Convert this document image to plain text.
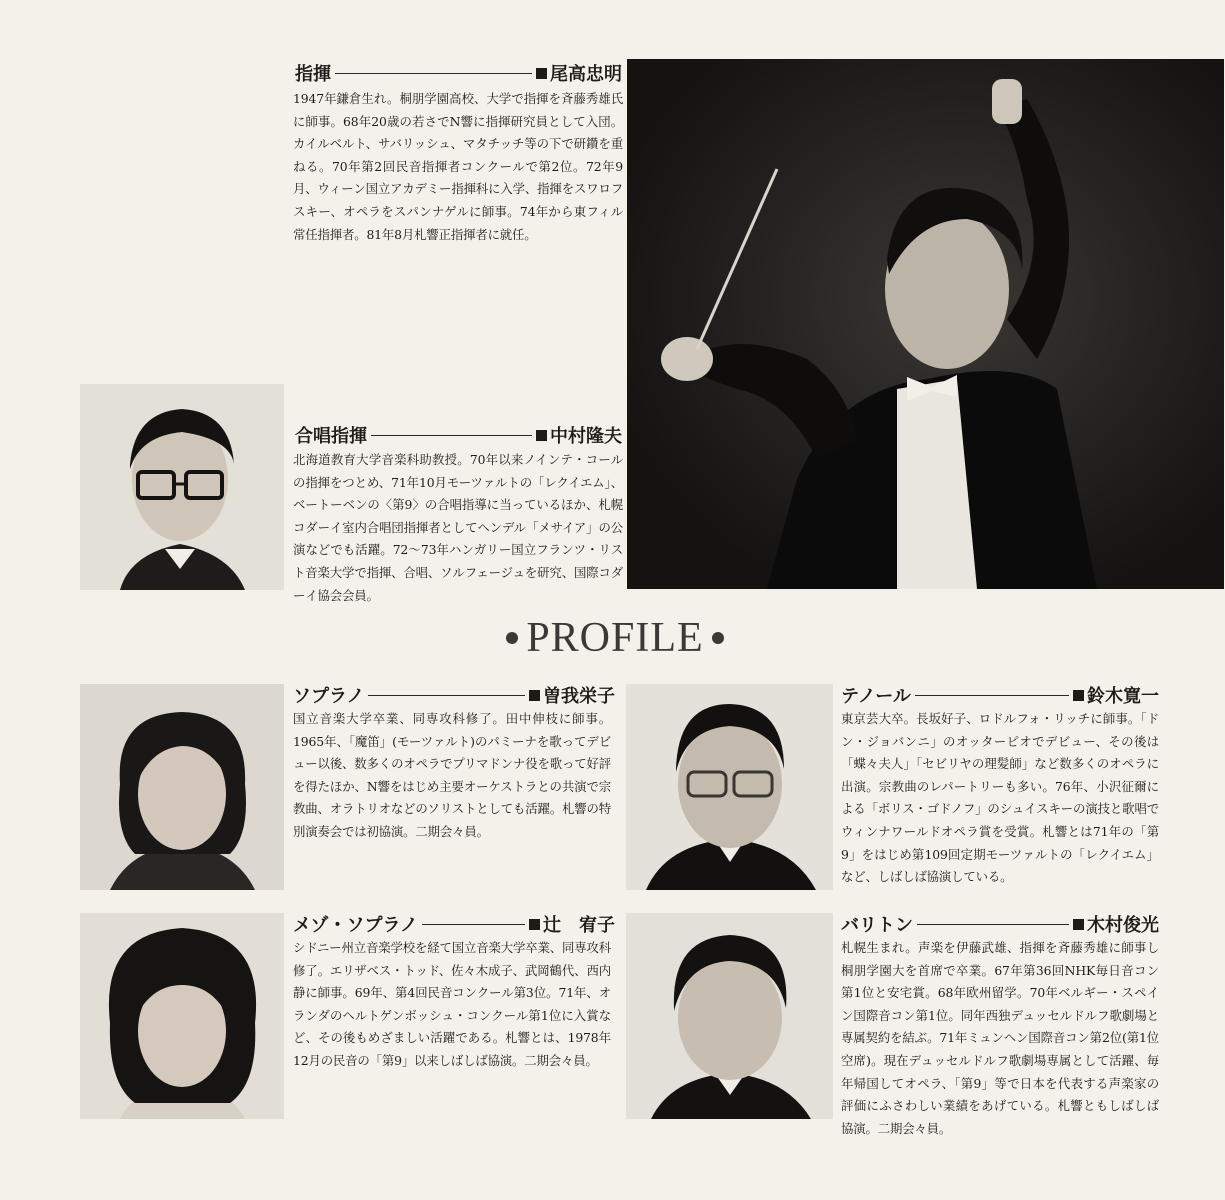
指揮	尾高忠明

1947年鎌倉生れ。桐朋学園高校、大学で指揮を斉藤秀雄氏に師事。68年20歳の若さでN響に指揮研究員として入団。カイルベルト、サバリッシュ、マタチッチ等の下で研鑽を重ねる。70年第2回民音指揮者コンクールで第2位。72年9月、ウィーン国立アカデミー指揮科に入学、指揮をスワロフスキー、オペラをスパンナゲルに師事。74年から東フィル常任指揮者。81年8月札響正指揮者に就任。

合唱指揮	中村隆夫

北海道教育大学音楽科助教授。70年以来ノインテ・コールの指揮をつとめ、71年10月モーツァルトの「レクイエム」、ベートーベンの〈第9〉の合唱指導に当っているほか、札幌コダーイ室内合唱団指揮者としてヘンデル「メサイア」の公演などでも活躍。72〜73年ハンガリー国立フランツ・リスト音楽大学で指揮、合唱、ソルフェージュを研究、国際コダーイ協会会員。

PROFILE
ソプラノ	曽我栄子

国立音楽大学卒業、同専攻科修了。田中伸枝に師事。1965年、「魔笛」(モーツァルト)のパミーナを歌ってデビュー以後、数多くのオペラでプリマドンナ役を歌って好評を得たほか、N響をはじめ主要オーケストラとの共演で宗教曲、オラトリオなどのソリストとしても活躍。札響の特別演奏会では初協演。二期会々員。

テノール	鈴木寛一

東京芸大卒。長坂好子、ロドルフォ・リッチに師事。「ドン・ジョバンニ」のオッターピオでデビュー、その後は「蝶々夫人」「セビリヤの理髪師」など数多くのオペラに出演。宗教曲のレパートリーも多い。76年、小沢征爾による「ボリス・ゴドノフ」のシュイスキーの演技と歌唱でウィンナワールドオペラ賞を受賞。札響とは71年の「第9」をはじめ第109回定期モーツァルトの「レクイエム」など、しばしば協演している。

メゾ・ソプラノ	辻　宥子

シドニー州立音楽学校を経て国立音楽大学卒業、同専攻科修了。エリザベス・トッド、佐々木成子、武岡鶴代、西内静に師事。69年、第4回民音コンクール第3位。71年、オランダのヘルトゲンボッシュ・コンクール第1位に入賞など、その後もめざましい活躍である。札響とは、1978年12月の民音の「第9」以来しばしば協演。二期会々員。

バリトン	木村俊光

札幌生まれ。声楽を伊藤武雄、指揮を斉藤秀雄に師事し桐朋学園大を首席で卒業。67年第36回NHK毎日音コン第1位と安宅賞。68年欧州留学。70年ベルギー・スペイン国際音コン第1位。同年西独デュッセルドルフ歌劇場と専属契約を結ぶ。71年ミュンヘン国際音コン第2位(第1位空席)。現在デュッセルドルフ歌劇場専属として活躍、毎年帰国してオペラ、「第9」等で日本を代表する声楽家の評価にふさわしい業績をあげている。札響ともしばしば協演。二期会々員。
